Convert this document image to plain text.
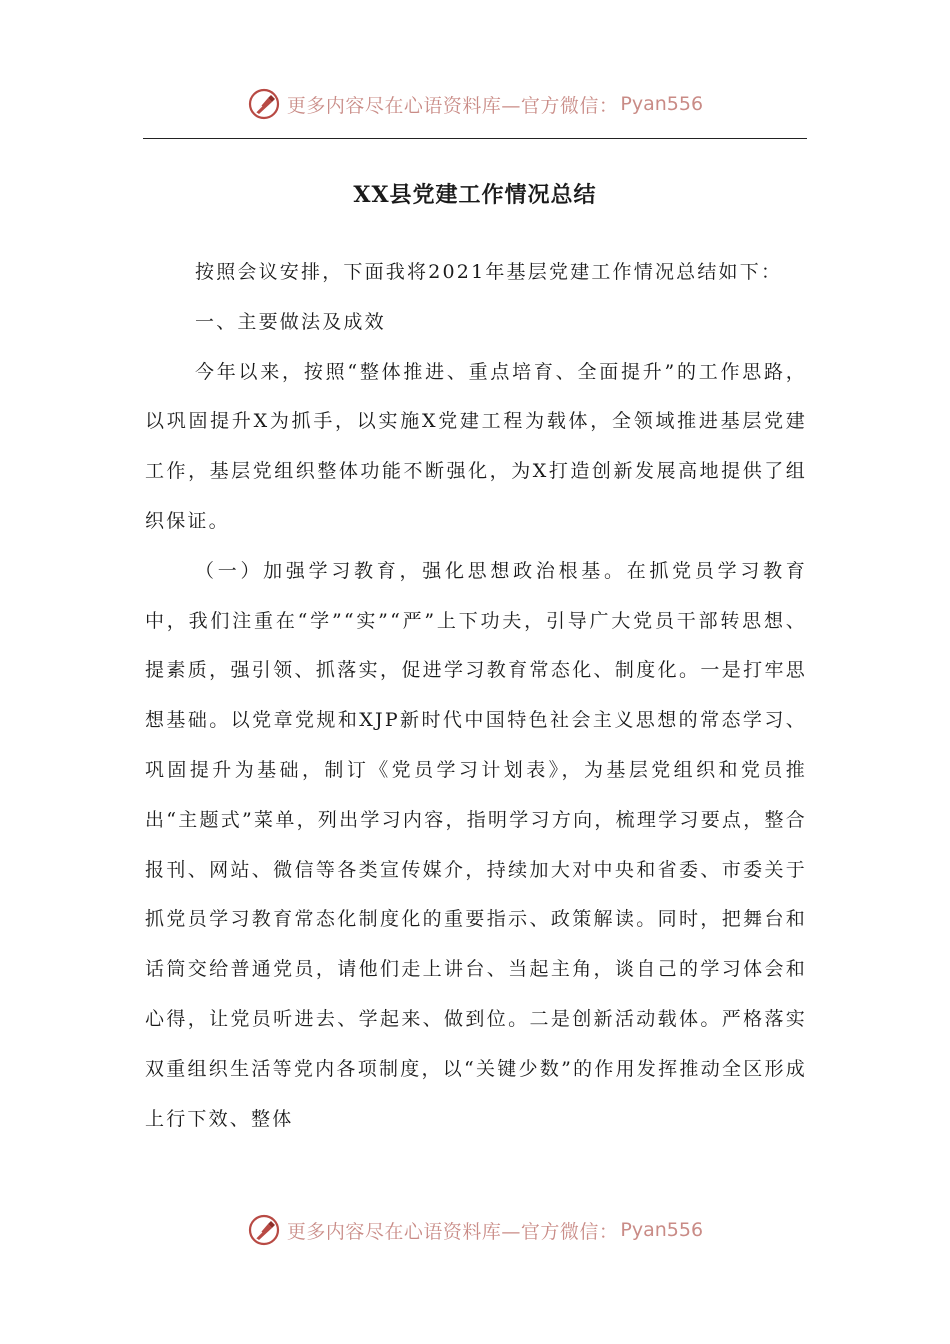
更多内容尽在心语资料库—官方微信： Pyan556
XX县党建工作情况总结

按照会议安排，下面我将2021年基层党建工作情况总结如下：

一、主要做法及成效

今年以来，按照“整体推进、重点培育、全面提升”的工作思路，以巩固提升X为抓手，以实施X党建工程为载体，全领域推进基层党建工作，基层党组织整体功能不断强化，为X打造创新发展高地提供了组织保证。

（一）加强学习教育，强化思想政治根基。在抓党员学习教育中，我们注重在“学”“实”“严”上下功夫，引导广大党员干部转思想、提素质，强引领、抓落实，促进学习教育常态化、制度化。一是打牢思想基础。以党章党规和XJP新时代中国特色社会主义思想的常态学习、巩固提升为基础，制订《党员学习计划表》，为基层党组织和党员推出“主题式”菜单，列出学习内容，指明学习方向，梳理学习要点，整合报刊、网站、微信等各类宣传媒介，持续加大对中央和省委、市委关于抓党员学习教育常态化制度化的重要指示、政策解读。同时，把舞台和话筒交给普通党员，请他们走上讲台、当起主角，谈自己的学习体会和心得，让党员听进去、学起来、做到位。二是创新活动载体。严格落实双重组织生活等党内各项制度，以“关键少数”的作用发挥推动全区形成上行下效、整体

更多内容尽在心语资料库—官方微信： Pyan556
